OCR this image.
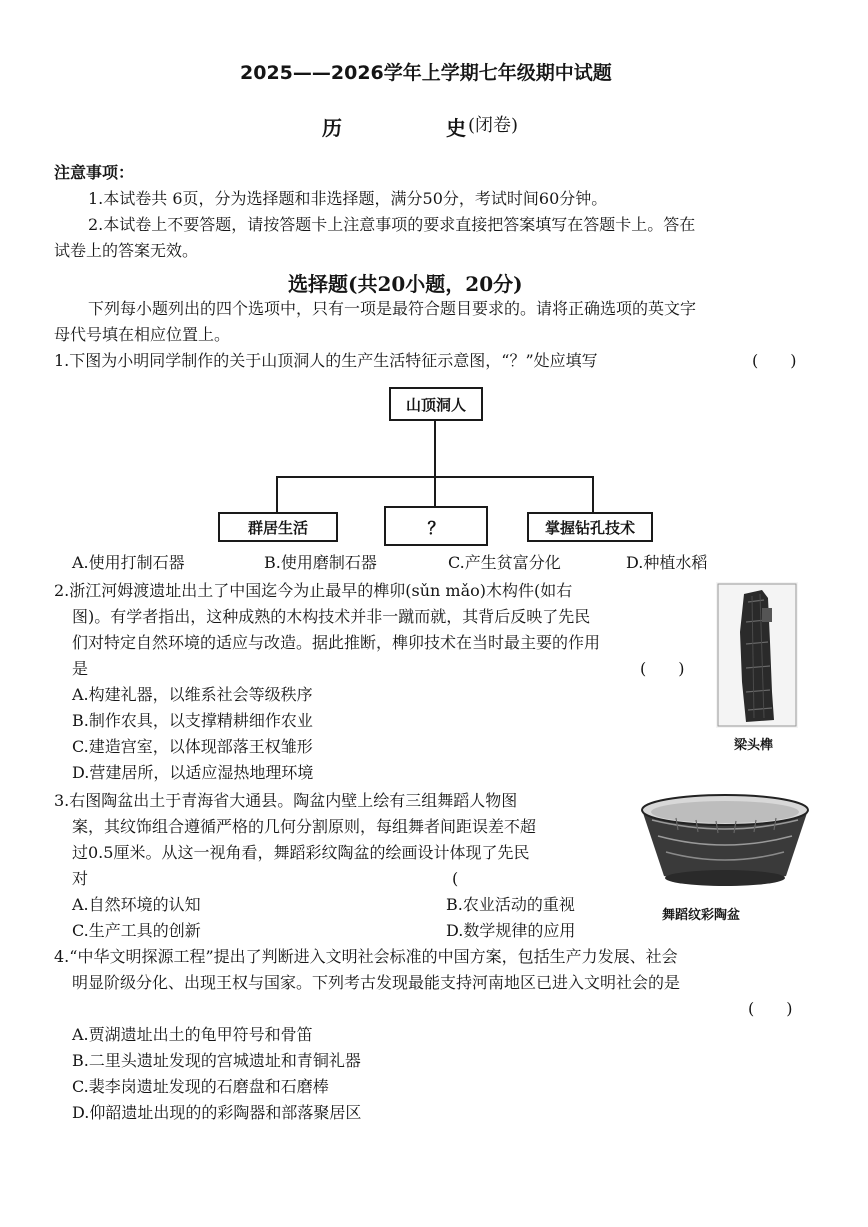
2025——2026学年上学期七年级期中试题
历	史 (闭卷)
注意事项：
1.本试卷共 6页，分为选择题和非选择题，满分50分，考试时间60分钟。
2.本试卷上不要答题，请按答题卡上注意事项的要求直接把答案填写在答题卡上。答在
试卷上的答案无效。
选择题(共20小题，20分)
下列每小题列出的四个选项中，只有一项是最符合题目要求的。请将正确选项的英文字
母代号填在相应位置上。
1.下图为小明同学制作的关于山顶洞人的生产生活特征示意图，“？”处应填写	(　　)
山顶洞人
群居生活	？	掌握钻孔技术
A.使用打制石器	B.使用磨制石器	C.产生贫富分化	D.种植水稻
2.浙江河姆渡遗址出土了中国迄今为止最早的榫卯(sǔn mǎo)木构件(如右
图)。有学者指出，这种成熟的木构技术并非一蹴而就，其背后反映了先民
们对特定自然环境的适应与改造。据此推断，榫卯技术在当时最主要的作用
是	(　　)
A.构建礼器，以维系社会等级秩序
B.制作农具，以支撑精耕细作农业
C.建造宫室，以体现部落王权雏形
D.营建居所，以适应湿热地理环境
梁头榫
3.右图陶盆出土于青海省大通县。陶盆内壁上绘有三组舞蹈人物图
案，其纹饰组合遵循严格的几何分割原则，每组舞者间距误差不超
过0.5厘米。从这一视角看，舞蹈彩纹陶盆的绘画设计体现了先民
对	(
A.自然环境的认知	B.农业活动的重视
C.生产工具的创新	D.数学规律的应用
舞蹈纹彩陶盆
4.“中华文明探源工程”提出了判断进入文明社会标准的中国方案，包括生产力发展、社会
明显阶级分化、出现王权与国家。下列考古发现最能支持河南地区已进入文明社会的是
(　　)
A.贾湖遗址出土的龟甲符号和骨笛
B.二里头遗址发现的宫城遗址和青铜礼器
C.裴李岗遗址发现的石磨盘和石磨棒
D.仰韶遗址出现的的彩陶器和部落聚居区
